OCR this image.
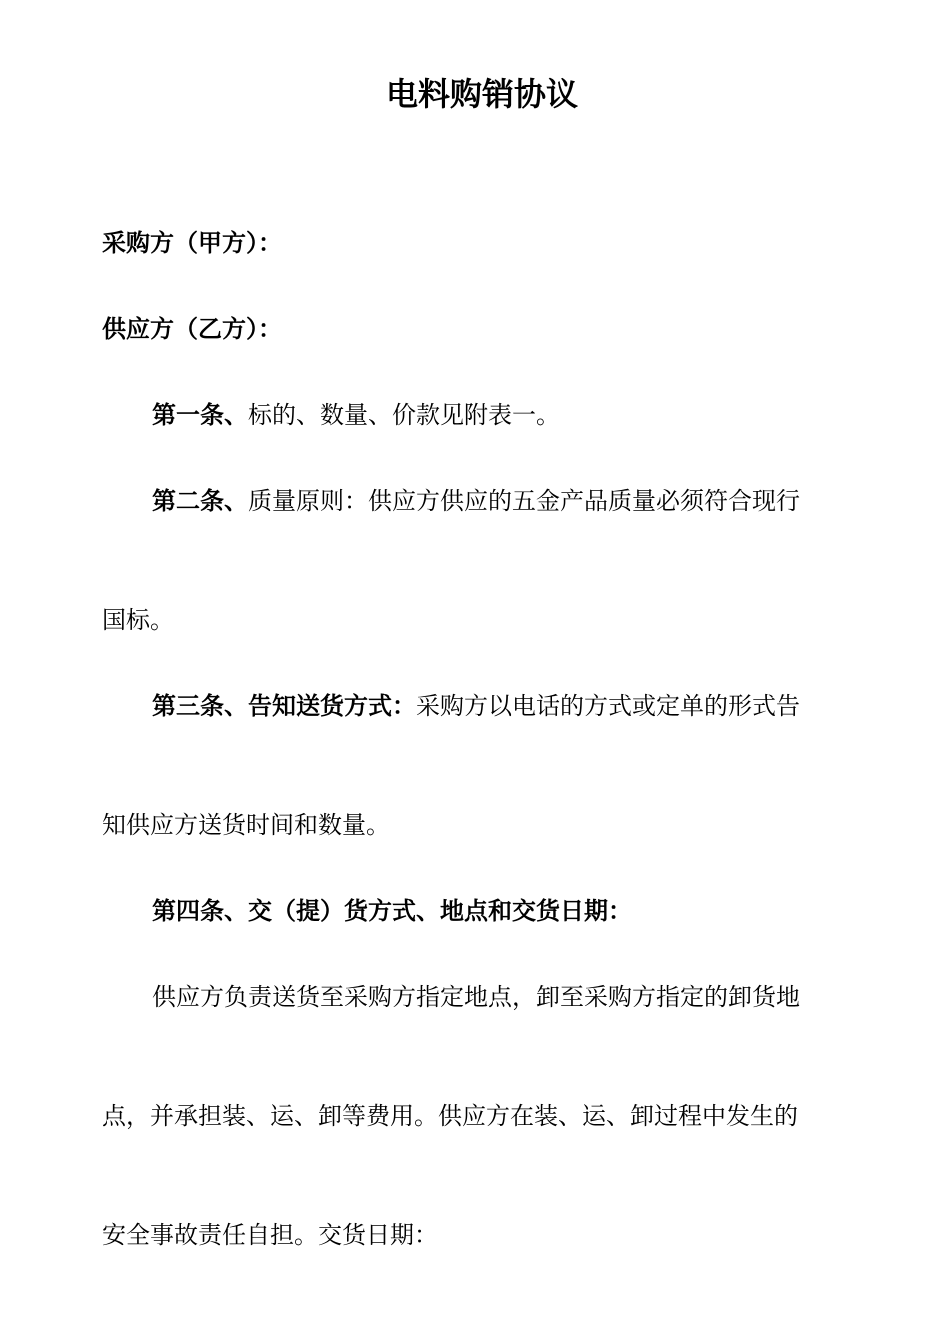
电料购销协议
采购方（甲方）：
供应方（乙方）：
第一条、标的、数量、价款见附表一。
第二条、质量原则：供应方供应的五金产品质量必须符合现行
国标。
第三条、告知送货方式：采购方以电话的方式或定单的形式告
知供应方送货时间和数量。
第四条、交（提）货方式、地点和交货日期：
供应方负责送货至采购方指定地点，卸至采购方指定的卸货地
点，并承担装、运、卸等费用。供应方在装、运、卸过程中发生的
安全事故责任自担。交货日期：
